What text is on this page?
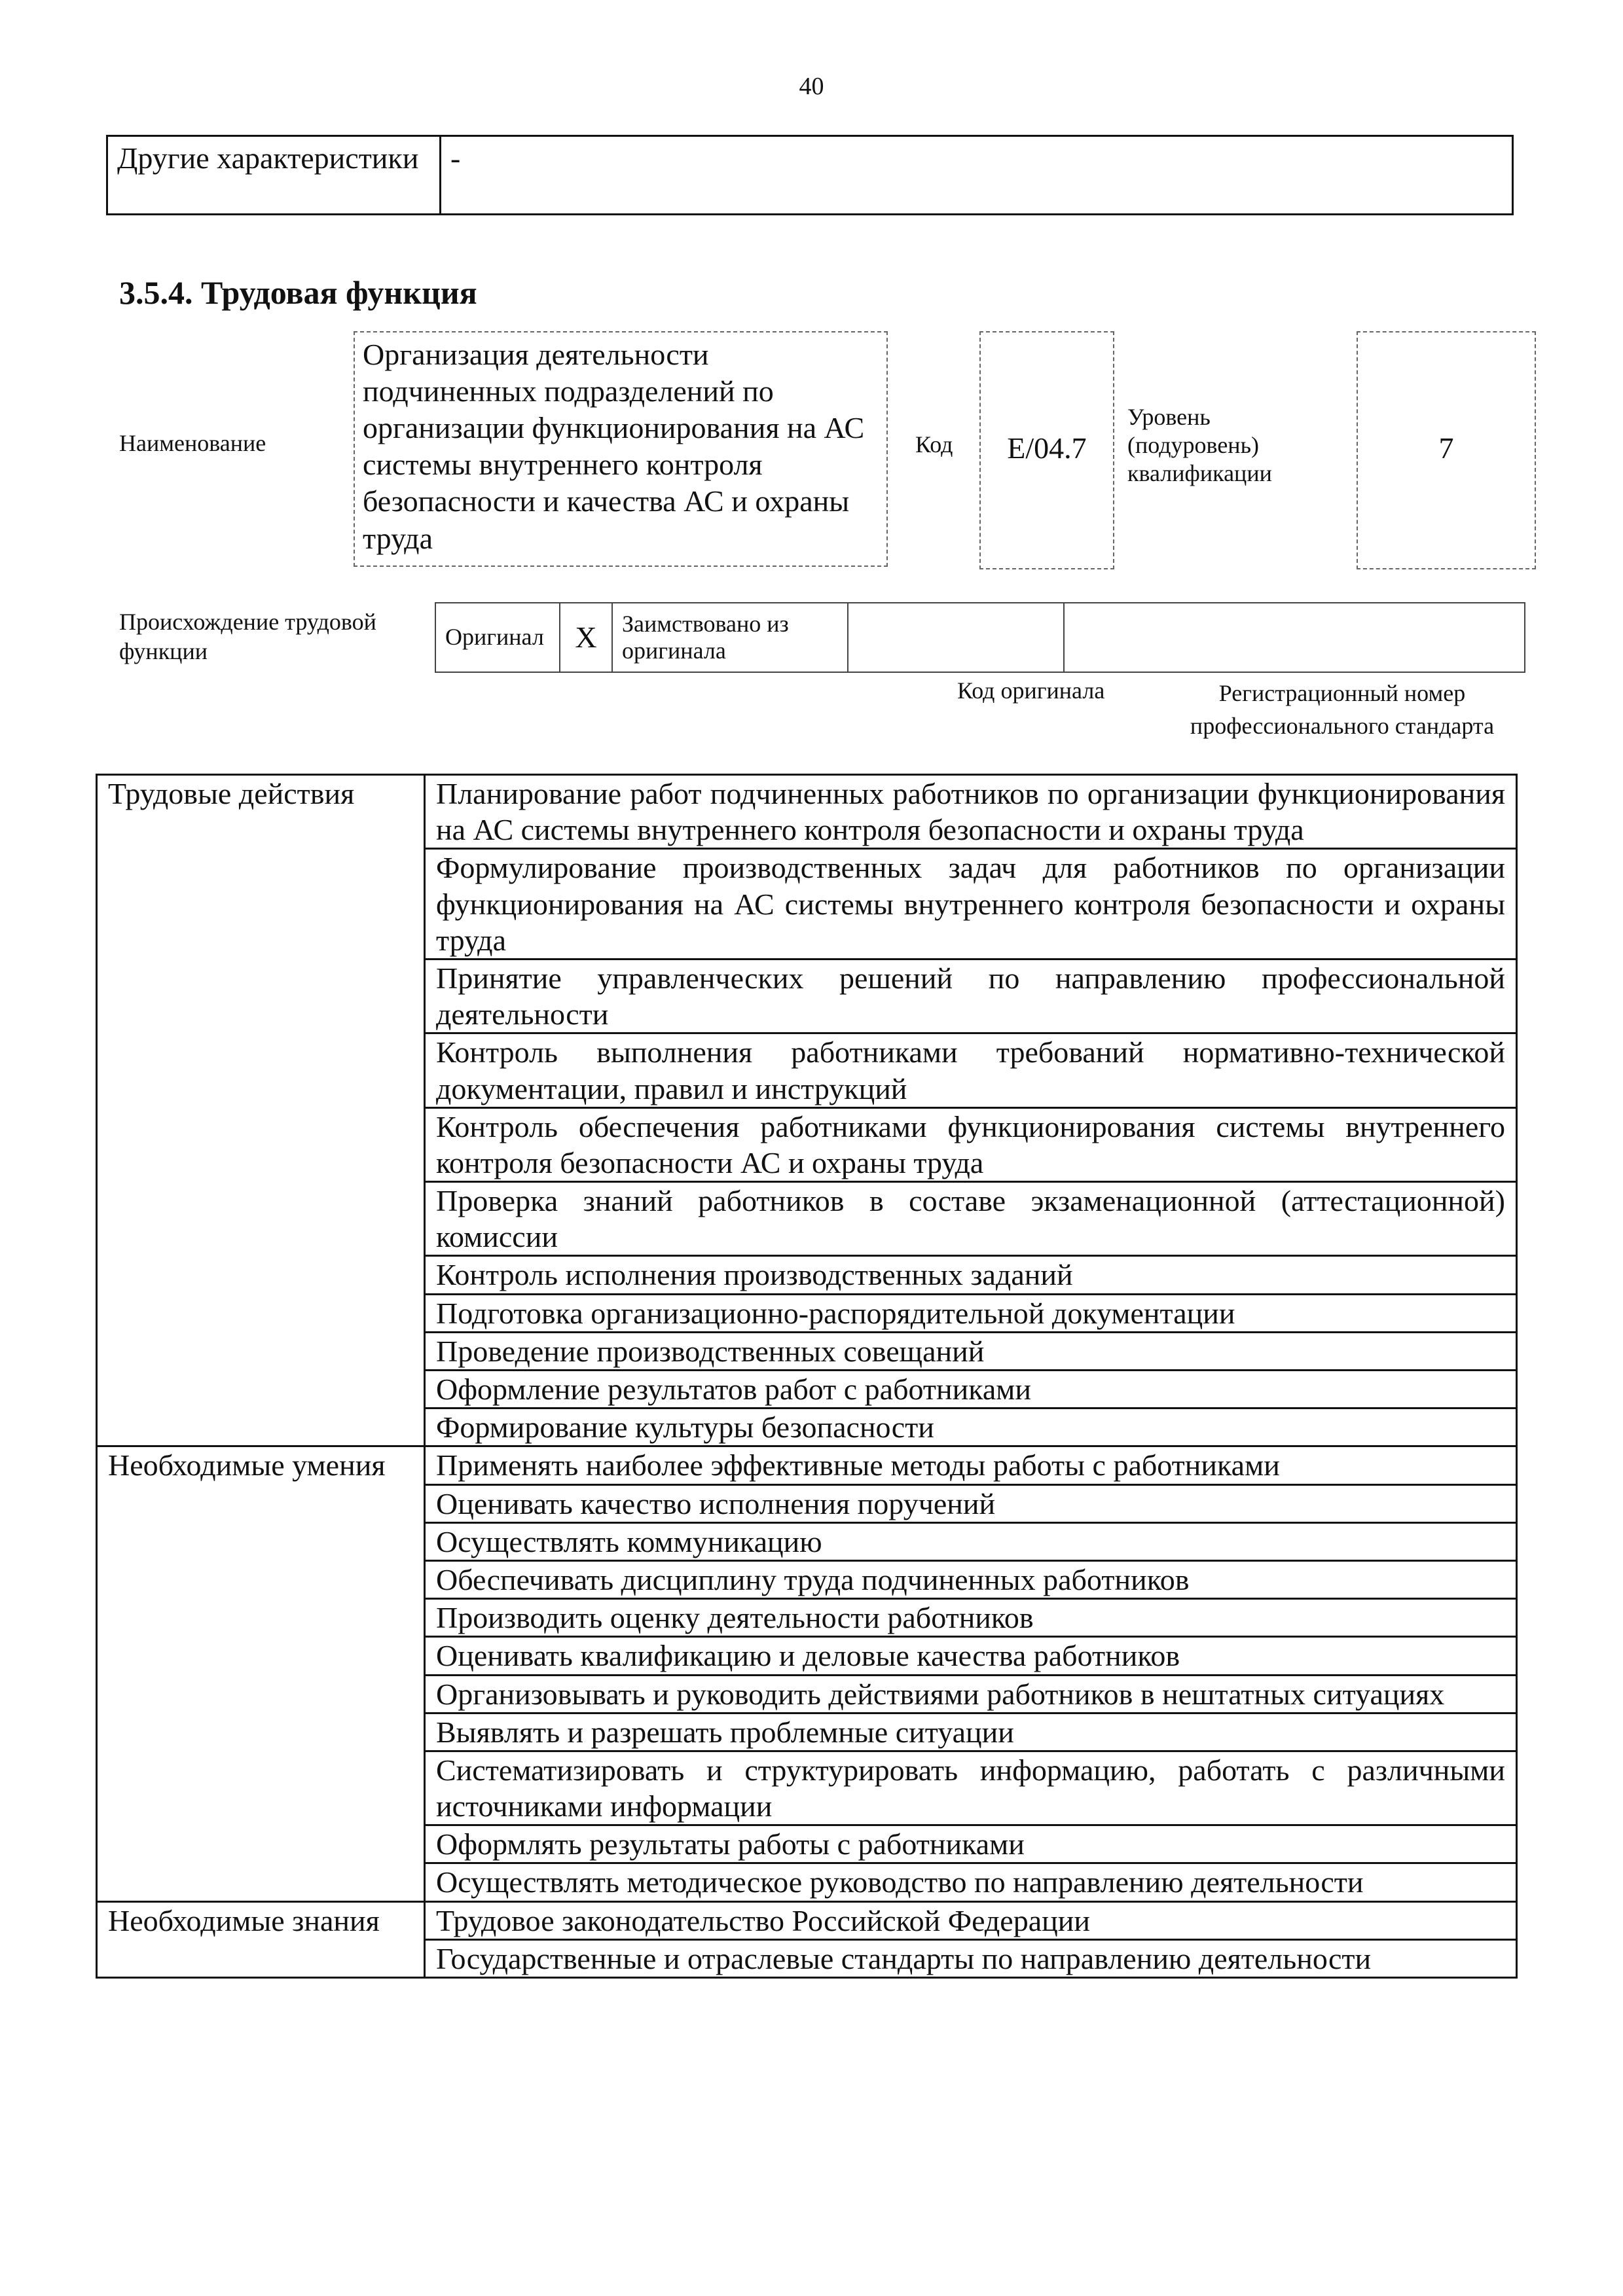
40
Другие характеристики	-
3.5.4. Трудовая функция
Наименование
Организация деятельности подчиненных подразделений по организации функционирования на АС системы внутреннего контроля безопасности и качества АС и охраны труда
Код	E/04.7
Уровень (подуровень) квалификации
7
Происхождение трудовой функции
Оригинал	X	Заимствовано из оригинала		
Код оригинала	Регистрационный номер профессионального стандарта
Трудовые действия	Планирование работ подчиненных работников по организации функционирования на АС системы внутреннего контроля безопасности и охраны труда
	Формулирование производственных задач для работников по организации функционирования на АС системы внутреннего контроля безопасности и охраны труда
	Принятие управленческих решений по направлению профессиональной деятельности
	Контроль выполнения работниками требований нормативно-технической документации, правил и инструкций
	Контроль обеспечения работниками функционирования системы внутреннего контроля безопасности АС и охраны труда
	Проверка знаний работников в составе экзаменационной (аттестационной) комиссии
	Контроль исполнения производственных заданий
	Подготовка организационно-распорядительной документации
	Проведение производственных совещаний
	Оформление результатов работ с работниками
	Формирование культуры безопасности
Необходимые умения	Применять наиболее эффективные методы работы с работниками
	Оценивать качество исполнения поручений
	Осуществлять коммуникацию
	Обеспечивать дисциплину труда подчиненных работников
	Производить оценку деятельности работников
	Оценивать квалификацию и деловые качества работников
	Организовывать и руководить действиями работников в нештатных ситуациях
	Выявлять и разрешать проблемные ситуации
	Систематизировать и структурировать информацию, работать с различными источниками информации
	Оформлять результаты работы с работниками
	Осуществлять методическое руководство по направлению деятельности
Необходимые знания	Трудовое законодательство Российской Федерации
	Государственные и отраслевые стандарты по направлению деятельности
